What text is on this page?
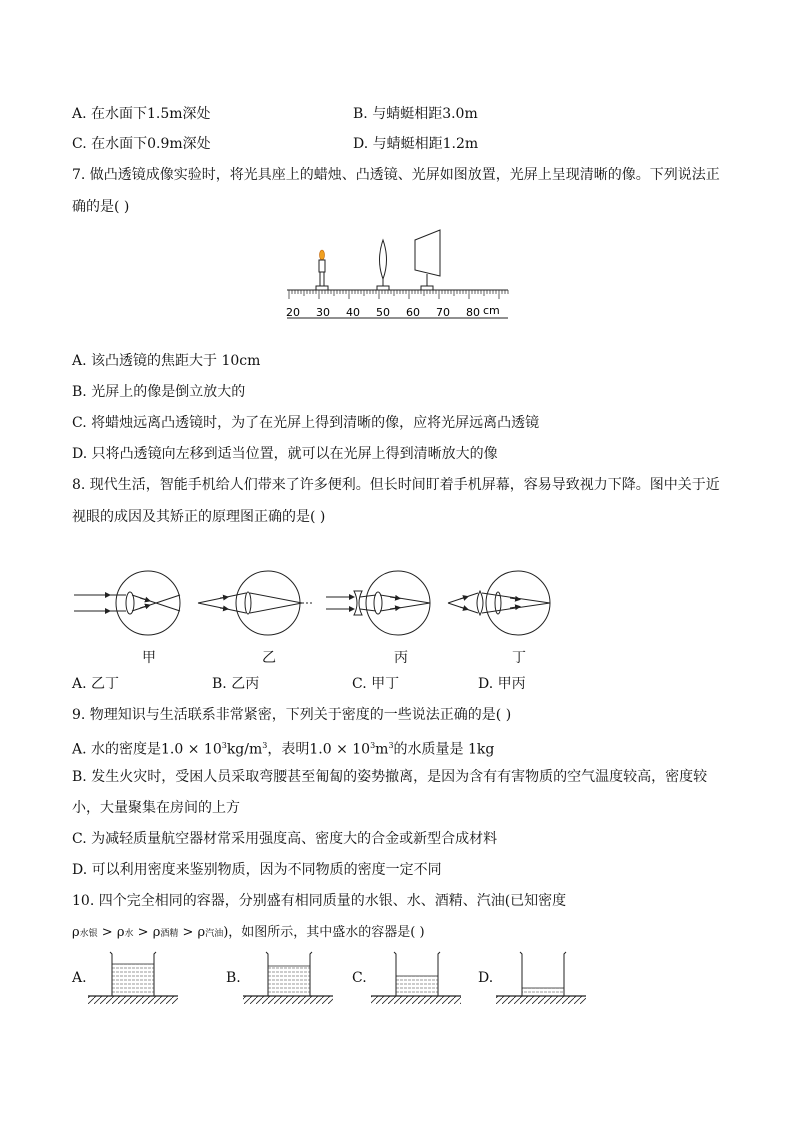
A. 在水面下1.5m深处	B. 与蜻蜓相距3.0m
C. 在水面下0.9m深处	D. 与蜻蜓相距1.2m
7. 做凸透镜成像实验时，将光具座上的蜡烛、凸透镜、光屏如图放置，光屏上呈现清晰的像。下列说法正
确的是( )
20 30 40 50 60 70 80 cm
A. 该凸透镜的焦距大于 10cm
B. 光屏上的像是倒立放大的
C. 将蜡烛远离凸透镜时，为了在光屏上得到清晰的像，应将光屏远离凸透镜
D. 只将凸透镜向左移到适当位置，就可以在光屏上得到清晰放大的像
8. 现代生活，智能手机给人们带来了许多便利。但长时间盯着手机屏幕，容易导致视力下降。图中关于近
视眼的成因及其矫正的原理图正确的是( )
甲	乙	丙	丁
A. 乙丁	B. 乙丙	C. 甲丁	D. 甲丙
9. 物理知识与生活联系非常紧密，下列关于密度的一些说法正确的是( )
A. 水的密度是$1.0 \times 10^3kg/m^3$，表明$1.0 \times 10^3m^3$的水质量是 1kg
B. 发生火灾时，受困人员采取弯腰甚至匍匐的姿势撤离，是因为含有有害物质的空气温度较高，密度较
小，大量聚集在房间的上方
C. 为减轻质量航空器材常采用强度高、密度大的合金或新型合成材料
D. 可以利用密度来鉴别物质，因为不同物质的密度一定不同
10. 四个完全相同的容器，分别盛有相同质量的水银、水、酒精、汽油(已知密度
ρ水银 > ρ水 > ρ酒精 > ρ汽油)，如图所示，其中盛水的容器是( )
A.	B.	C.	D.
